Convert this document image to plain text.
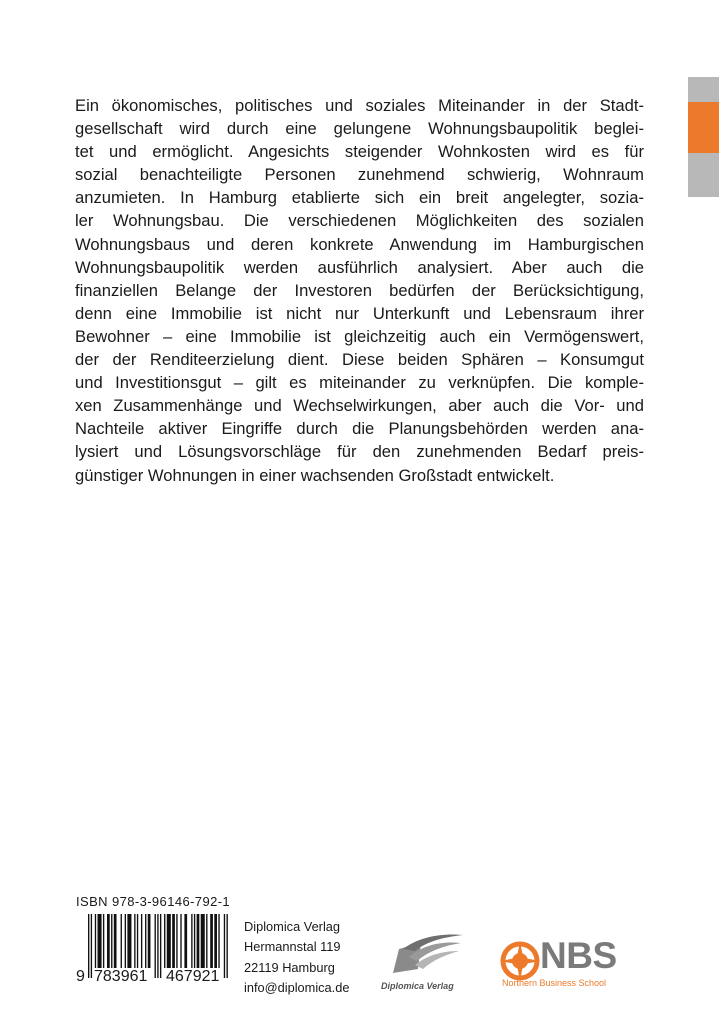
Ein ökonomisches, politisches und soziales Miteinander in der Stadt-
gesellschaft wird durch eine gelungene Wohnungsbaupolitik beglei-
tet und ermöglicht. Angesichts steigender Wohnkosten wird es für
sozial benachteiligte Personen zunehmend schwierig, Wohnraum
anzumieten. In Hamburg etablierte sich ein breit angelegter, sozia-
ler Wohnungsbau. Die verschiedenen Möglichkeiten des sozialen
Wohnungsbaus und deren konkrete Anwendung im Hamburgischen
Wohnungsbaupolitik werden ausführlich analysiert. Aber auch die
finanziellen Belange der Investoren bedürfen der Berücksichtigung,
denn eine Immobilie ist nicht nur Unterkunft und Lebensraum ihrer
Bewohner – eine Immobilie ist gleichzeitig auch ein Vermögenswert,
der der Renditeerzielung dient. Diese beiden Sphären – Konsumgut
und Investitionsgut – gilt es miteinander zu verknüpfen. Die komple-
xen Zusammenhänge und Wechselwirkungen, aber auch die Vor- und
Nachteile aktiver Eingriffe durch die Planungsbehörden werden ana-
lysiert und Lösungsvorschläge für den zunehmenden Bedarf preis-
günstiger Wohnungen in einer wachsenden Großstadt entwickelt.
ISBN 978-3-96146-792-1
9 783961 467921
Diplomica Verlag
Hermannstal 119
22119 Hamburg
info@diplomica.de	Diplomica Verlag
NBS
Northern Business School
